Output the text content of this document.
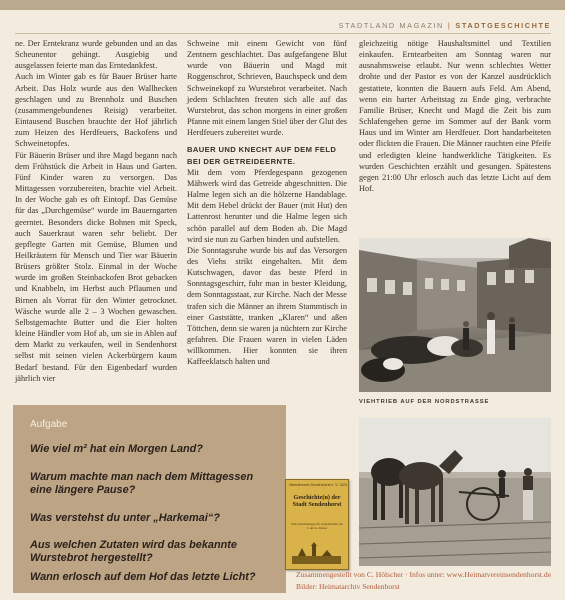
STADTLAND MAGAZIN | STADTGESCHICHTE

ne. Der Erntekranz wurde gebunden und an das Scheunentor gehängt. Ausgiebig und ausgelassen feierte man das Erntedankfest.

Auch im Winter gab es für Bauer Brüser harte Arbeit. Das Holz wurde aus den Wallhecken geschlagen und zu Brennholz und Buschen (zusammengebundenes Reisig) verarbeitet. Eintausend Buschen brauchte der Hof jährlich zum Heizen des Herdfeuers, Backofens und Schweinetopfes.

Für Bäuerin Brüser und ihre Magd begann nach dem Frühstück die Arbeit in Haus und Garten. Fünf Kinder waren zu versorgen. Das Mittagessen vorzubereiten, brachte viel Arbeit. In der Woche gab es oft Eintopf. Das Gemüse für das „Durchgemüse“ wurde im Bauerngarten geerntet. Besonders dicke Bohnen mit Speck, auch Sauerkraut waren sehr beliebt. Der gepflegte Garten mit Gemüse, Blumen und Heilkräutern für Mensch und Tier war Bäuerin Brüsers größter Stolz. Einmal in der Woche wurde im großen Steinbackofen Brot gebacken und Knabbeln, im Herbst auch Pflaumen und Birnen als Vorrat für den Winter getrocknet. Wäsche wurde alle 2 – 3 Wochen gewaschen. Selbstgemachte Butter und die Eier holten kleine Händler vom Hof ab, um sie in Ahlen auf dem Markt zu verkaufen, weil in Sendenhorst selbst mit seinen vielen Ackerbürgern kaum Bedarf bestand. Für den Eigenbedarf wurden jährlich vier

Schweine mit einem Gewicht von fünf Zentnern geschlachtet. Das aufgefangene Blut wurde von Bäuerin und Magd mit Roggenschrot, Schrieven, Bauchspeck und dem Schweinekopf zu Wurstebrot verarbeitet. Nach jedem Schlachten freuten sich alle auf das Wurstebrot, das schon morgens in einer großen Pfanne mit einem langen Stiel über der Glut des Herdfeuers zubereitet wurde.

BAUER UND KNECHT AUF DEM FELD BEI DER GETREIDEERNTE.

Mit dem vom Pferdegespann gezogenen Mähwerk wird das Getreide abgeschnitten. Die Halme legen sich an die hölzerne Handablage. Mit dem Hebel drückt der Bauer (mit Hut) den Lattenrost herunter und die Halme legen sich schön parallel auf dem Boden ab. Die Magd wird sie nun zu Garben binden und aufstellen.

Die Sonntagsruhe wurde bis auf das Versorgen des Viehs strikt eingehalten. Mit dem Kutschwagen, davor das beste Pferd in Sonntagsgeschirr, fuhr man in bester Kleidung, dem Sonntagsstaat, zur Kirche. Nach der Messe trafen sich die Männer an ihrem Stammtisch in einer Gaststätte, tranken „Klaren“ und aßen Töttchen, denn sie waren ja nüchtern zur Kirche gefahren. Die Frauen waren in vielen Läden willkommen. Hier konnten sie ihren Kaffeeklatsch halten und

gleichzeitig nötige Haushaltsmittel und Textilien einkaufen. Erntearbeiten am Sonntag waren nur ausnahmsweise erlaubt. Nur wenn schlechtes Wetter drohte und der Pastor es von der Kanzel ausdrücklich gestattete, konnten die Bauern aufs Feld. Am Abend, wenn ein harter Arbeitstag zu Ende ging, verbrachte Familie Brüser, Knecht und Magd die Zeit bis zum Schlafengehen gerne im Sommer auf der Bank vorm Haus und im Winter am Herdfeuer. Dort handarbeiteten oder flickten die Frauen. Die Männer rauchten eine Pfeife und erledigten kleine handwerkliche Tätigkeiten. Es wurden Geschichten erzählt und gesungen. Spätestens gegen 21:00 Uhr erlosch auch das letzte Licht auf dem Hof.

VIEHTRIEB AUF DER NORDSTRASSE
Aufgabe
Wie viel m² hat ein Morgen Land?
Warum machte man nach dem Mittagessen eine längere Pause?
Was verstehst du unter „Harkemai“?
Aus welchen Zutaten wird das bekannte Wurstebrot hergestellt?
Wann erlosch auf dem Hof das letzte Licht?
Heimatverein Sendenhorst e. V. 1923
Geschichte(n) der Stadt Sendenhorst
Eine Arbeitsmappe für Grundschüler der 3. und 4. Klasse
Zusammengestellt von C. Hölscher · Infos unter: www.Heimatvereinsendenhorst.de
Bilder: Heimatarchiv Sendenhorst
